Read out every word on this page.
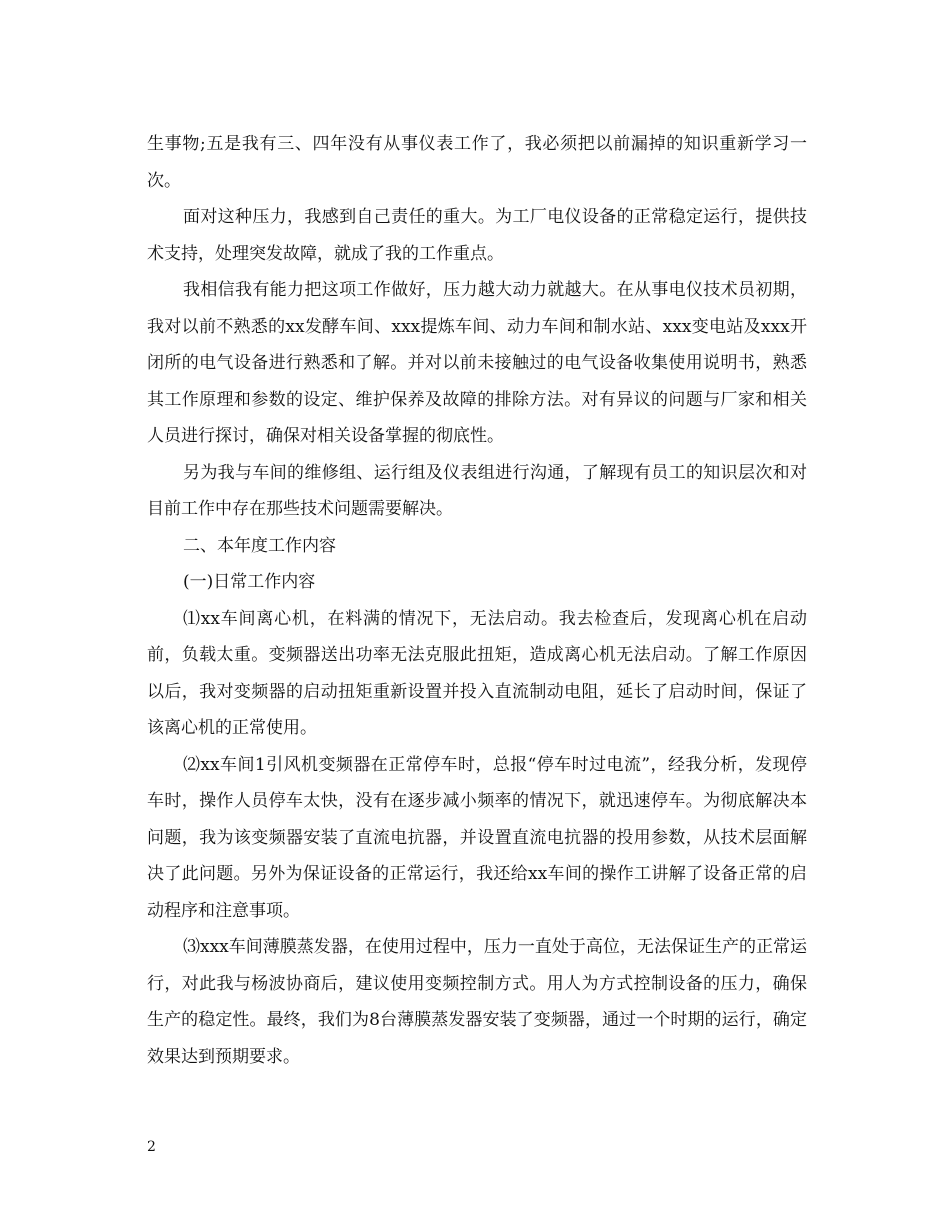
生事物;五是我有三、四年没有从事仪表工作了，我必须把以前漏掉的知识重新学习一次。

面对这种压力，我感到自己责任的重大。为工厂电仪设备的正常稳定运行，提供技术支持，处理突发故障，就成了我的工作重点。

我相信我有能力把这项工作做好，压力越大动力就越大。在从事电仪技术员初期，我对以前不熟悉的xx发酵车间、xxx提炼车间、动力车间和制水站、xxx变电站及xxx开闭所的电气设备进行熟悉和了解。并对以前未接触过的电气设备收集使用说明书，熟悉其工作原理和参数的设定、维护保养及故障的排除方法。对有异议的问题与厂家和相关人员进行探讨，确保对相关设备掌握的彻底性。

另为我与车间的维修组、运行组及仪表组进行沟通，了解现有员工的知识层次和对目前工作中存在那些技术问题需要解决。

二、本年度工作内容

(一)日常工作内容

⑴xx车间离心机，在料满的情况下，无法启动。我去检查后，发现离心机在启动前，负载太重。变频器送出功率无法克服此扭矩，造成离心机无法启动。了解工作原因以后，我对变频器的启动扭矩重新设置并投入直流制动电阻，延长了启动时间，保证了该离心机的正常使用。

⑵xx车间1引风机变频器在正常停车时，总报“停车时过电流”，经我分析，发现停车时，操作人员停车太快，没有在逐步减小频率的情况下，就迅速停车。为彻底解决本问题，我为该变频器安装了直流电抗器，并设置直流电抗器的投用参数，从技术层面解决了此问题。另外为保证设备的正常运行，我还给xx车间的操作工讲解了设备正常的启动程序和注意事项。

⑶xxx车间薄膜蒸发器，在使用过程中，压力一直处于高位，无法保证生产的正常运行，对此我与杨波协商后，建议使用变频控制方式。用人为方式控制设备的压力，确保生产的稳定性。最终，我们为8台薄膜蒸发器安装了变频器，通过一个时期的运行，确定效果达到预期要求。

2
